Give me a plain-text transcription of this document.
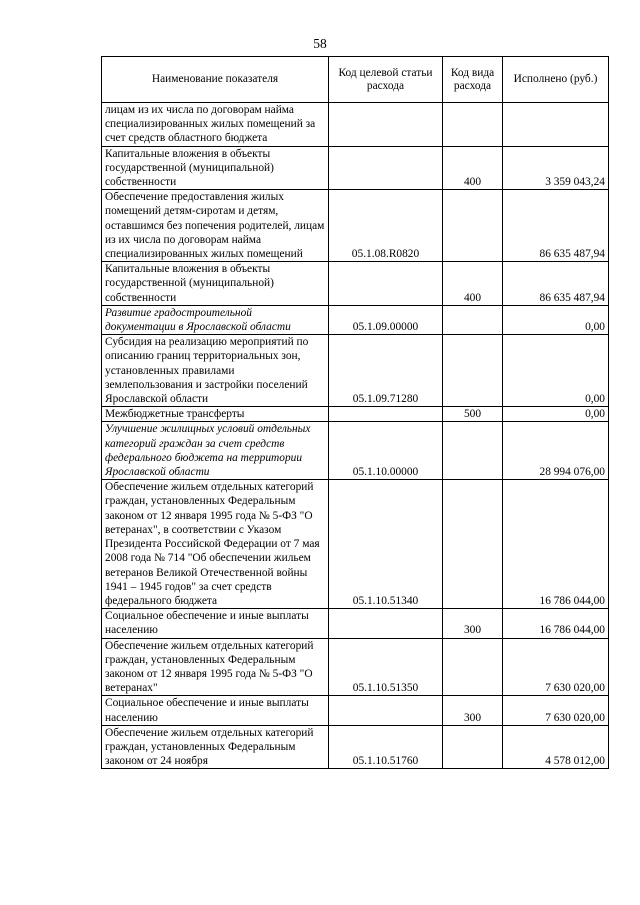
58
Наименование показателя	Код целевой статьи расхода	Код вида расхода	Исполнено (руб.)
лицам из их числа по договорам найма специализированных жилых помещений за счет средств областного бюджета			
Капитальные вложения в объекты государственной (муниципальной) собственности		400	3 359 043,24
Обеспечение предоставления жилых помещений детям-сиротам и детям, оставшимся без попечения родителей, лицам из их числа по договорам найма специализированных жилых помещений	05.1.08.R0820		86 635 487,94
Капитальные вложения в объекты государственной (муниципальной) собственности		400	86 635 487,94
Развитие градостроительной документации в Ярославской области	05.1.09.00000		0,00
Субсидия на реализацию мероприятий по описанию границ территориальных зон, установленных правилами землепользования и застройки поселений Ярославской области	05.1.09.71280		0,00
Межбюджетные трансферты		500	0,00
Улучшение жилищных условий отдельных категорий граждан за счет средств федерального бюджета на территории Ярославской области	05.1.10.00000		28 994 076,00
Обеспечение жильем отдельных категорий граждан, установленных Федеральным законом от 12 января 1995 года № 5-ФЗ "О ветеранах", в соответствии с Указом Президента Российской Федерации от 7 мая 2008 года № 714 "Об обеспечении жильем ветеранов Великой Отечественной войны 1941 – 1945 годов" за счет средств федерального бюджета	05.1.10.51340		16 786 044,00
Социальное обеспечение и иные выплаты населению		300	16 786 044,00
Обеспечение жильем отдельных категорий граждан, установленных Федеральным законом от 12 января 1995 года № 5-ФЗ "О ветеранах"	05.1.10.51350		7 630 020,00
Социальное обеспечение и иные выплаты населению		300	7 630 020,00
Обеспечение жильем отдельных категорий граждан, установленных Федеральным законом от 24 ноября	05.1.10.51760		4 578 012,00
